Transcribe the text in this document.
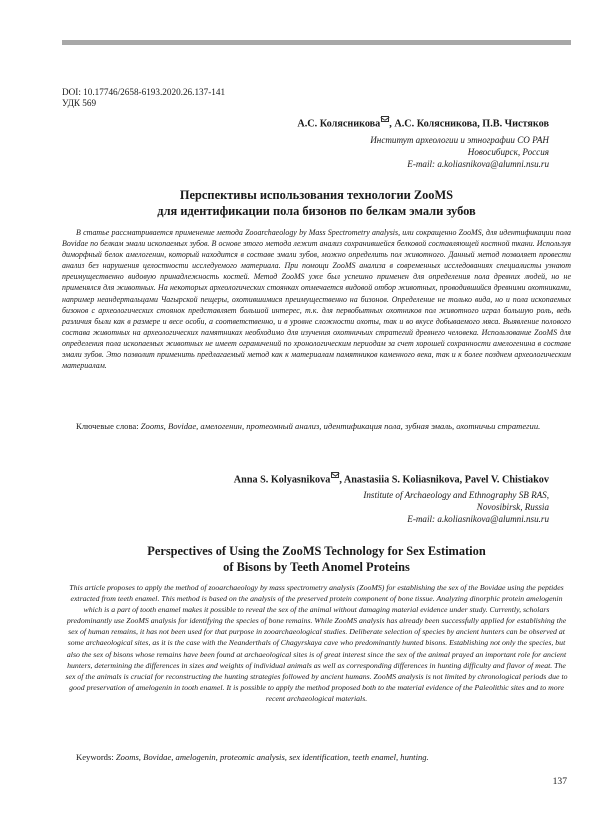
DOI: 10.17746/2658-6193.2020.26.137-141
УДК 569
А.С. Колясникова , А.С. Колясникова, П.В. Чистяков
Институт археологии и этнографии СО РАН
Новосибирск, Россия
E-mail: a.koliasnikova@alumni.nsu.ru
Перспективы использования технологии ZooMS
для идентификации пола бизонов по белкам эмали зубов

В статье рассматривается применение метода Zooarchaeology by Mass Spectrometry analysis, или сокращенно ZooMS, для идентификации пола Bovidae по белкам эмали ископаемых зубов. В основе этого метода лежит анализ сохранившейся белковой составляющей костной ткани. Используя диморфный белок амелогенин, который находится в составе эмали зубов, можно определить пол животного. Данный метод позволяет провести анализ без нарушения целостности исследуемого материала. При помощи ZooMS анализа в современных исследованиях специалисты узнают преимущественно видовую принадлежность костей. Метод ZooMS уже был успешно применен для определения пола древних людей, но не применялся для животных. На некоторых археологических стоянках отмечается видовой отбор животных, проводившийся древними охотниками, например неандертальцами Чагырской пещеры, охотившимися преимущественно на бизонов. Определение не только вида, но и пола ископаемых бизонов с археологических стоянок представляет большой интерес, т.к. для первобытных охотников пол животного играл большую роль, ведь различия были как в размере и весе особи, а соответственно, и в уровне сложности охоты, так и во вкусе добываемого мяса. Выявление полового состава животных на археологических памятниках необходимо для изучения охотничьих стратегий древнего человека. Использование ZooMS для определения пола ископаемых животных не имеет ограничений по хронологическим периодам за счет хорошей сохранности амелогенина в составе эмали зубов. Это позволит применить предлагаемый метод как к материалам памятников каменного века, так и к более позднем археологическим материалам.

Ключевые слова: Zoоms, Bovidae, амелогенин, протеомный анализ, идентификация пола, зубная эмаль, охотничьи стратегии.

Anna S. Kolyasnikova , Anastasiia S. Koliasnikova, Pavel V. Chistiakov
Institute of Archaeology and Ethnography SB RAS,
Novosibirsk, Russia
E-mail: a.koliasnikova@alumni.nsu.ru
Perspectives of Using the ZooMS Technology for Sex Estimation
of Bisons by Teeth Anomel Proteins

This article proposes to apply the method of zooarchaeology by mass spectrometry analysis (ZooMS) for establishing the sex of the Bovidae using the peptides extracted from teeth enamel. This method is based on the analysis of the preserved protein component of bone tissue. Analyzing dinorphic protein amelogenin which is a part of tooth enamel makes it possible to reveal the sex of the animal without damaging material evidence under study. Currently, scholars predominantly use ZooMS analysis for identifying the species of bone remains. While ZooMS analysis has already been successfully applied for establishing the sex of human remains, it has not been used for that purpose in zooarchaeological studies. Deliberate selection of species by ancient hunters can be observed at some archaeological sites, as it is the case with the Neanderthals of Chagyrskaya cave who predominantly hunted bisons. Establishing not only the species, but also the sex of bisons whose remains have been found at archaeological sites is of great interest since the sex of the animal prayed an important role for ancient hunters, determining the differences in sizes and weights of individual animals as well as corresponding differences in hunting difficulty and flavor of meat. The sex of the animals is crucial for reconstructing the hunting strategies followed by ancient humans. ZooMS analysis is not limited by chronological periods due to good preservation of amelogenin in tooth enamel. It is possible to apply the method proposed both to the material evidence of the Paleolithic sites and to more recent archaeological materials.

Keywords: Zooms, Bovidae, amelogenin, proteomic analysis, sex identification, teeth enamel, hunting.

137
